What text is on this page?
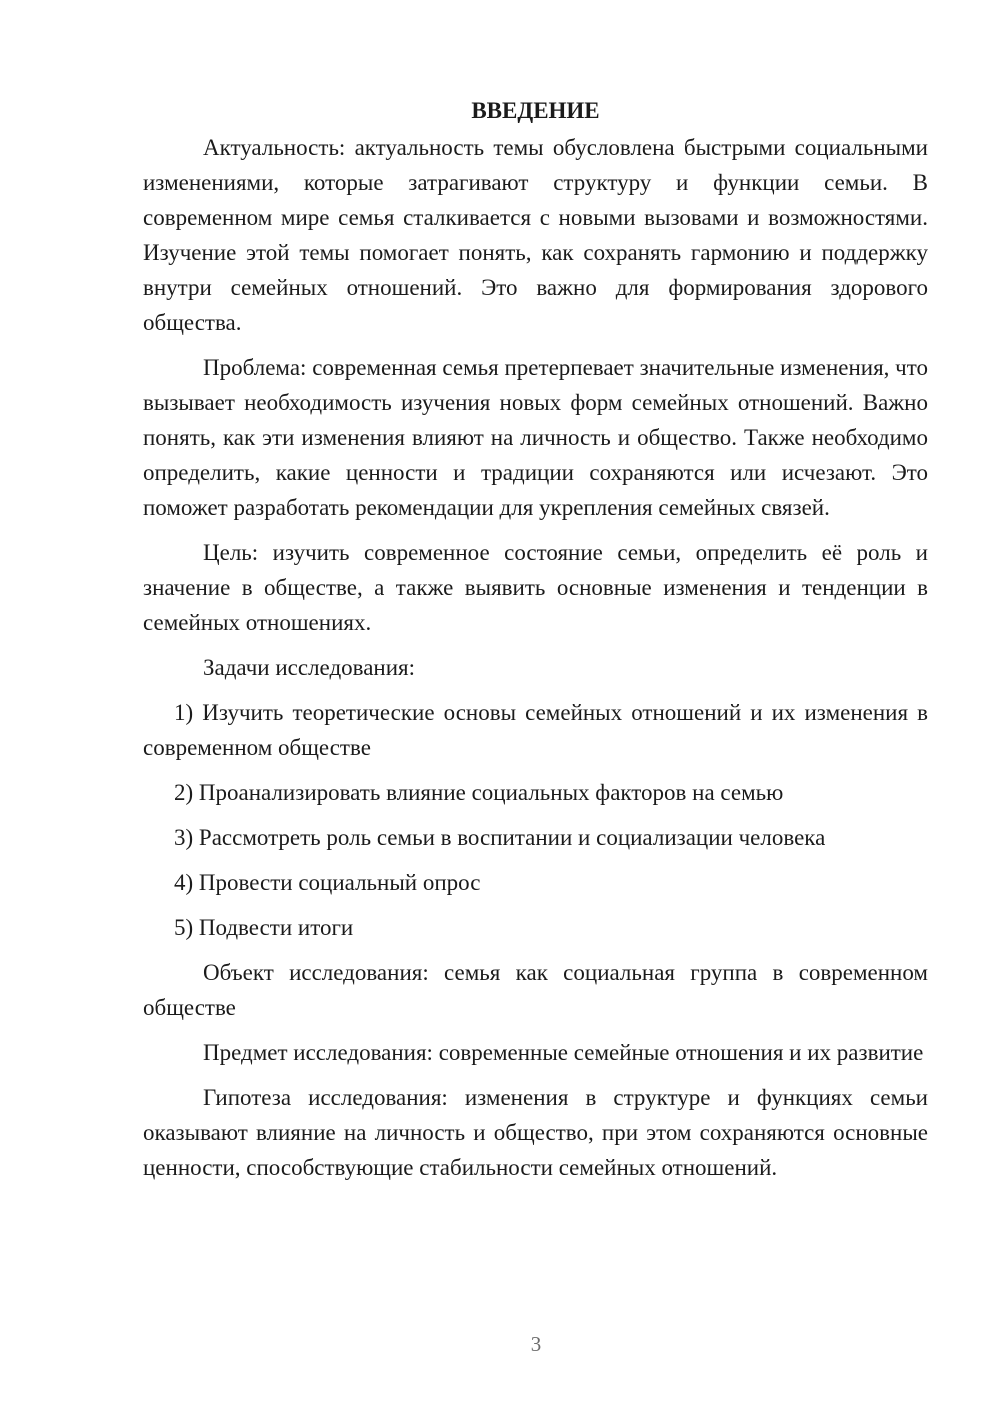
ВВЕДЕНИЕ

Актуальность: актуальность темы обусловлена быстрыми социальными изменениями, которые затрагивают структуру и функции семьи. В современном мире семья сталкивается с новыми вызовами и возможностями. Изучение этой темы помогает понять, как сохранять гармонию и поддержку внутри семейных отношений. Это важно для формирования здорового общества.

Проблема: современная семья претерпевает значительные изменения, что вызывает необходимость изучения новых форм семейных отношений. Важно понять, как эти изменения влияют на личность и общество. Также необходимо определить, какие ценности и традиции сохраняются или исчезают. Это поможет разработать рекомендации для укрепления семейных связей.

Цель: изучить современное состояние семьи, определить её роль и значение в обществе, а также выявить основные изменения и тенденции в семейных отношениях.

Задачи исследования:

1) Изучить теоретические основы семейных отношений и их изменения в современном обществе

2) Проанализировать влияние социальных факторов на семью

3) Рассмотреть роль семьи в воспитании и социализации человека

4) Провести социальный опрос

5) Подвести итоги

Объект исследования: семья как социальная группа в современном обществе

Предмет исследования: современные семейные отношения и их развитие

Гипотеза исследования: изменения в структуре и функциях семьи оказывают влияние на личность и общество, при этом сохраняются основные ценности, способствующие стабильности семейных отношений.

3
